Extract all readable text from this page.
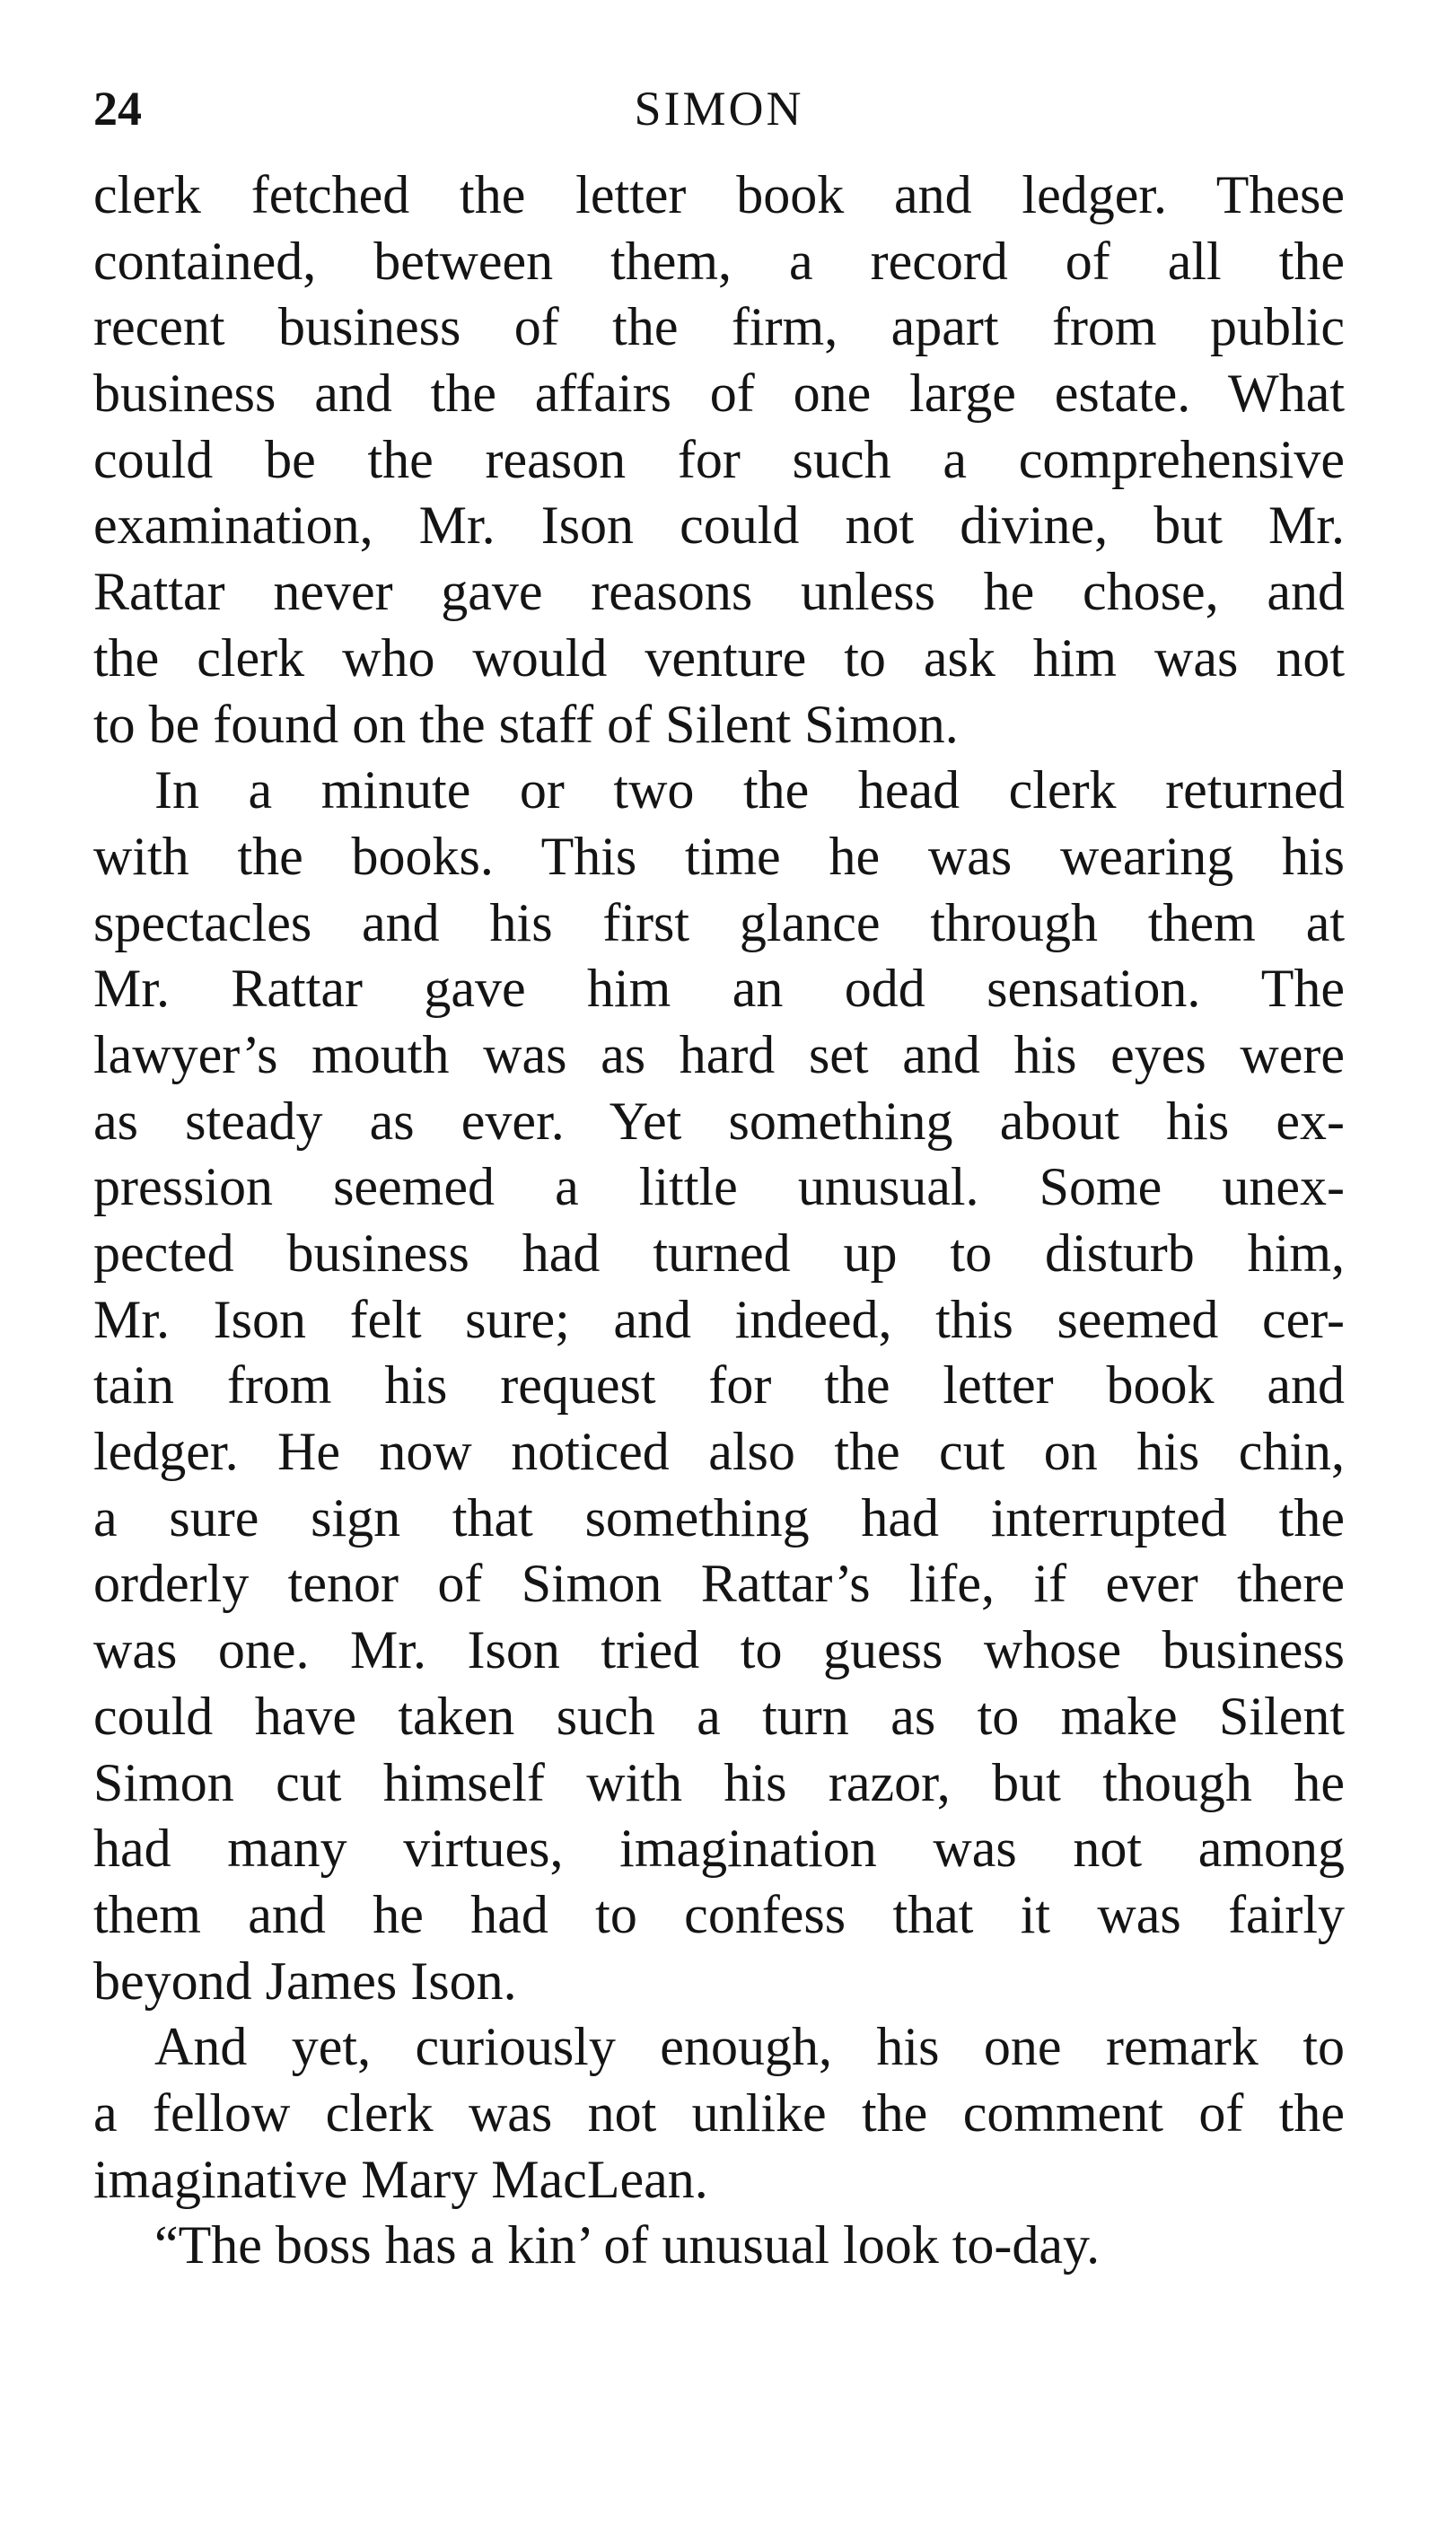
24	SIMON
clerk fetched the letter book and ledger. These
contained, between them, a record of all the
recent business of the firm, apart from public
business and the affairs of one large estate. What
could be the reason for such a comprehensive
examination, Mr. Ison could not divine, but Mr.
Rattar never gave reasons unless he chose, and
the clerk who would venture to ask him was not
to be found on the staff of Silent Simon.
In a minute or two the head clerk returned
with the books. This time he was wearing his
spectacles and his first glance through them at
Mr. Rattar gave him an odd sensation. The
lawyer’s mouth was as hard set and his eyes were
as steady as ever. Yet something about his ex-
pression seemed a little unusual. Some unex-
pected business had turned up to disturb him,
Mr. Ison felt sure; and indeed, this seemed cer-
tain from his request for the letter book and
ledger. He now noticed also the cut on his chin,
a sure sign that something had interrupted the
orderly tenor of Simon Rattar’s life, if ever there
was one. Mr. Ison tried to guess whose business
could have taken such a turn as to make Silent
Simon cut himself with his razor, but though he
had many virtues, imagination was not among
them and he had to confess that it was fairly
beyond James Ison.
And yet, curiously enough, his one remark to
a fellow clerk was not unlike the comment of the
imaginative Mary MacLean.
“The boss has a kin’ of unusual look to-day.
